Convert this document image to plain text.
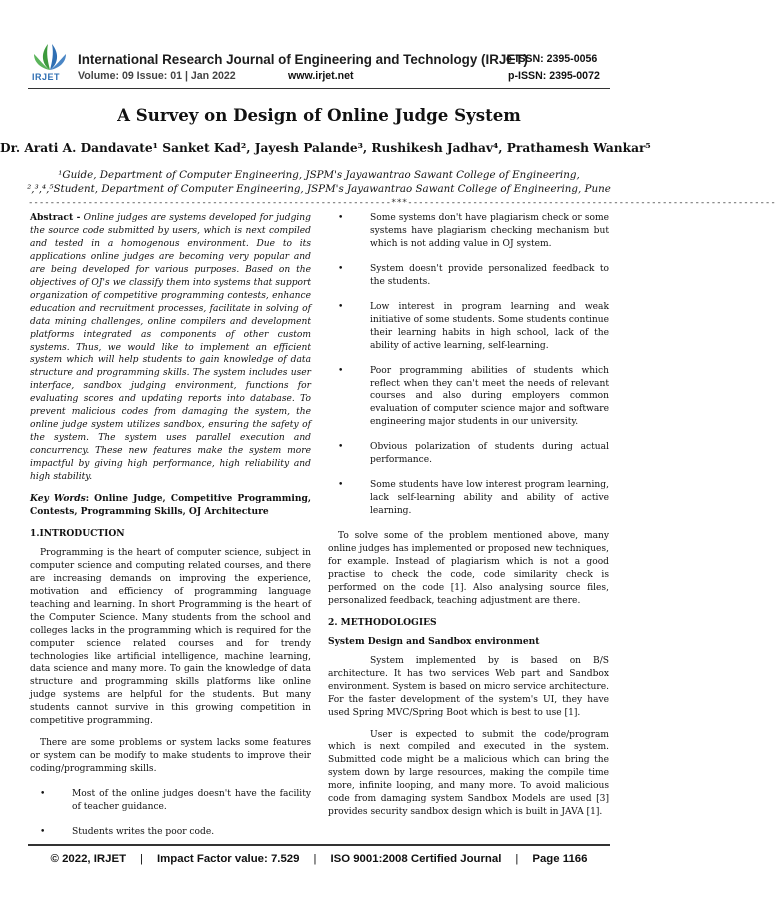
IRJET
International Research Journal of Engineering and Technology (IRJET)
e-ISSN: 2395-0056
Volume: 09 Issue: 01 | Jan 2022	www.irjet.net	p-ISSN: 2395-0072
A Survey on Design of Online Judge System
Dr. Arati A. Dandavate¹ Sanket Kad², Jayesh Palande³, Rushikesh Jadhav⁴, Prathamesh Wankar⁵
¹Guide, Department of Computer Engineering, JSPM's Jayawantrao Sawant College of Engineering,
²,³,⁴,⁵Student, Department of Computer Engineering, JSPM's Jayawantrao Sawant College of Engineering, Pune
-------------------------------------------------------------------***--------------------------------------------------------------------

Abstract - Online judges are systems developed for judging the source code submitted by users, which is next compiled and tested in a homogenous environment. Due to its applications online judges are becoming very popular and are being developed for various purposes. Based on the objectives of OJ's we classify them into systems that support organization of competitive programming contests, enhance education and recruitment processes, facilitate in solving of data mining challenges, online compilers and development platforms integrated as components of other custom systems. Thus, we would like to implement an efficient system which will help students to gain knowledge of data structure and programming skills. The system includes user interface, sandbox judging environment, functions for evaluating scores and updating reports into database. To prevent malicious codes from damaging the system, the online judge system utilizes sandbox, ensuring the safety of the system. The system uses parallel execution and concurrency. These new features make the system more impactful by giving high performance, high reliability and high stability.

Key Words: Online Judge, Competitive Programming, Contests, Programming Skills, OJ Architecture

1.INTRODUCTION

Programming is the heart of computer science, subject in computer science and computing related courses, and there are increasing demands on improving the experience, motivation and efficiency of programming language teaching and learning. In short Programming is the heart of the Computer Science. Many students from the school and colleges lacks in the programming which is required for the computer science related courses and for trendy technologies like artificial intelligence, machine learning, data science and many more. To gain the knowledge of data structure and programming skills platforms like online judge systems are helpful for the students. But many students cannot survive in this growing competition in competitive programming.

There are some problems or system lacks some features or system can be modify to make students to improve their coding/programming skills.

• Most of the online judges doesn't have the facility of teacher guidance.
• Students writes the poor code.
• Some systems don't have plagiarism check or some systems have plagiarism checking mechanism but which is not adding value in OJ system.
• System doesn't provide personalized feedback to the students.
• Low interest in program learning and weak initiative of some students. Some students continue their learning habits in high school, lack of the ability of active learning, self-learning.
• Poor programming abilities of students which reflect when they can't meet the needs of relevant courses and also during employers common evaluation of computer science major and software engineering major students in our university.
• Obvious polarization of students during actual performance.
• Some students have low interest program learning, lack self-learning ability and ability of active learning.

To solve some of the problem mentioned above, many online judges has implemented or proposed new techniques, for example. Instead of plagiarism which is not a good practise to check the code, code similarity check is performed on the code [1]. Also analysing source files, personalized feedback, teaching adjustment are there.

2. METHODOLOGIES

System Design and Sandbox environment

System implemented by is based on B/S architecture. It has two services Web part and Sandbox environment. System is based on micro service architecture. For the faster development of the system's UI, they have used Spring MVC/Spring Boot which is best to use [1].

User is expected to submit the code/program which is next compiled and executed in the system. Submitted code might be a malicious which can bring the system down by large resources, making the compile time more, infinite looping, and many more. To avoid malicious code from damaging system Sandbox Models are used [3] provides security sandbox design which is built in JAVA [1].

© 2022, IRJET | Impact Factor value: 7.529 | ISO 9001:2008 Certified Journal | Page 1166
